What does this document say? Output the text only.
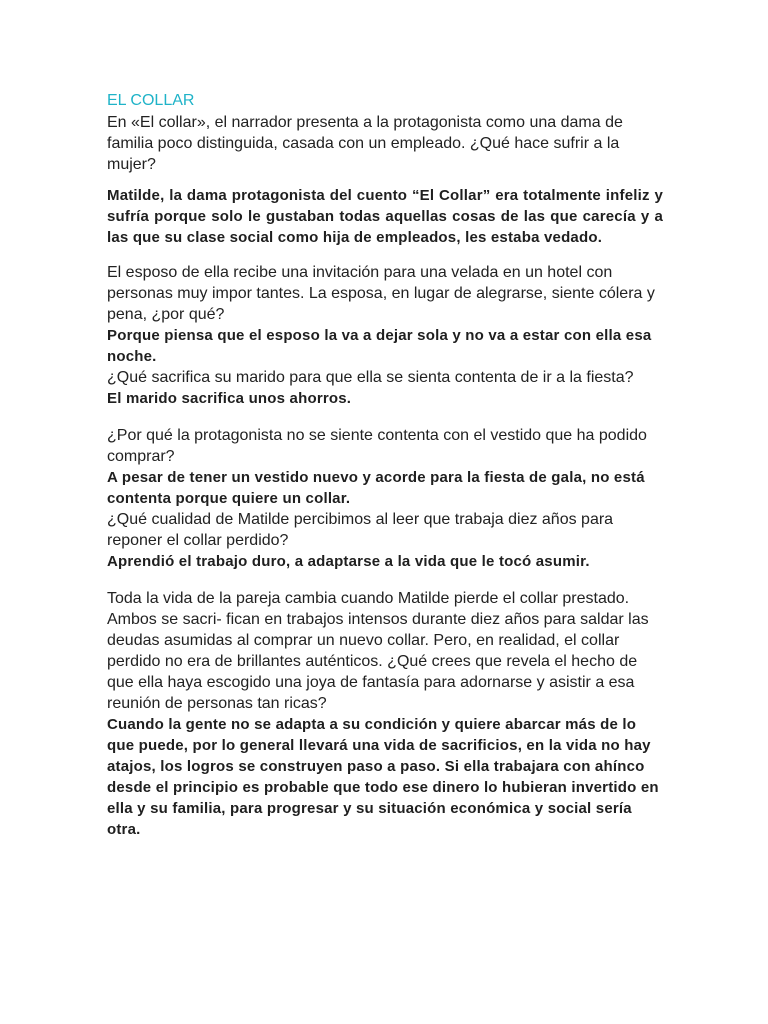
EL COLLAR

En «El collar», el narrador presenta a la protagonista como una dama de familia poco distinguida, casada con un empleado. ¿Qué hace sufrir a la mujer?

Matilde, la dama protagonista del cuento “El Collar” era totalmente infeliz y sufría porque solo le gustaban todas aquellas cosas de las que carecía y a las que su clase social como hija de empleados, les estaba vedado.

El esposo de ella recibe una invitación para una velada en un hotel con personas muy impor tantes. La esposa, en lugar de alegrarse, siente cólera y pena, ¿por qué?

Porque piensa que el esposo la va a dejar sola y no va a estar con ella esa noche.

¿Qué sacrifica su marido para que ella se sienta contenta de ir a la fiesta?

El marido sacrifica unos ahorros.

¿Por qué la protagonista no se siente contenta con el vestido que ha podido comprar?

A pesar de tener un vestido nuevo y acorde para la fiesta de gala, no está contenta porque quiere un collar.

¿Qué cualidad de Matilde percibimos al leer que trabaja diez años para reponer el collar perdido?

Aprendió el trabajo duro, a adaptarse a la vida que le tocó asumir.

Toda la vida de la pareja cambia cuando Matilde pierde el collar prestado. Ambos se sacri- fican en trabajos intensos durante diez años para saldar las deudas asumidas al comprar un nuevo collar. Pero, en realidad, el collar perdido no era de brillantes auténticos. ¿Qué crees que revela el hecho de que ella haya escogido una joya de fantasía para adornarse y asistir a esa reunión de personas tan ricas?

Cuando la gente no se adapta a su condición y quiere abarcar más de lo que puede, por lo general llevará una vida de sacrificios, en la vida no hay atajos, los logros se construyen paso a paso. Si ella trabajara con ahínco desde el principio es probable que todo ese dinero lo hubieran invertido en ella y su familia, para progresar y su situación económica y social sería otra.
